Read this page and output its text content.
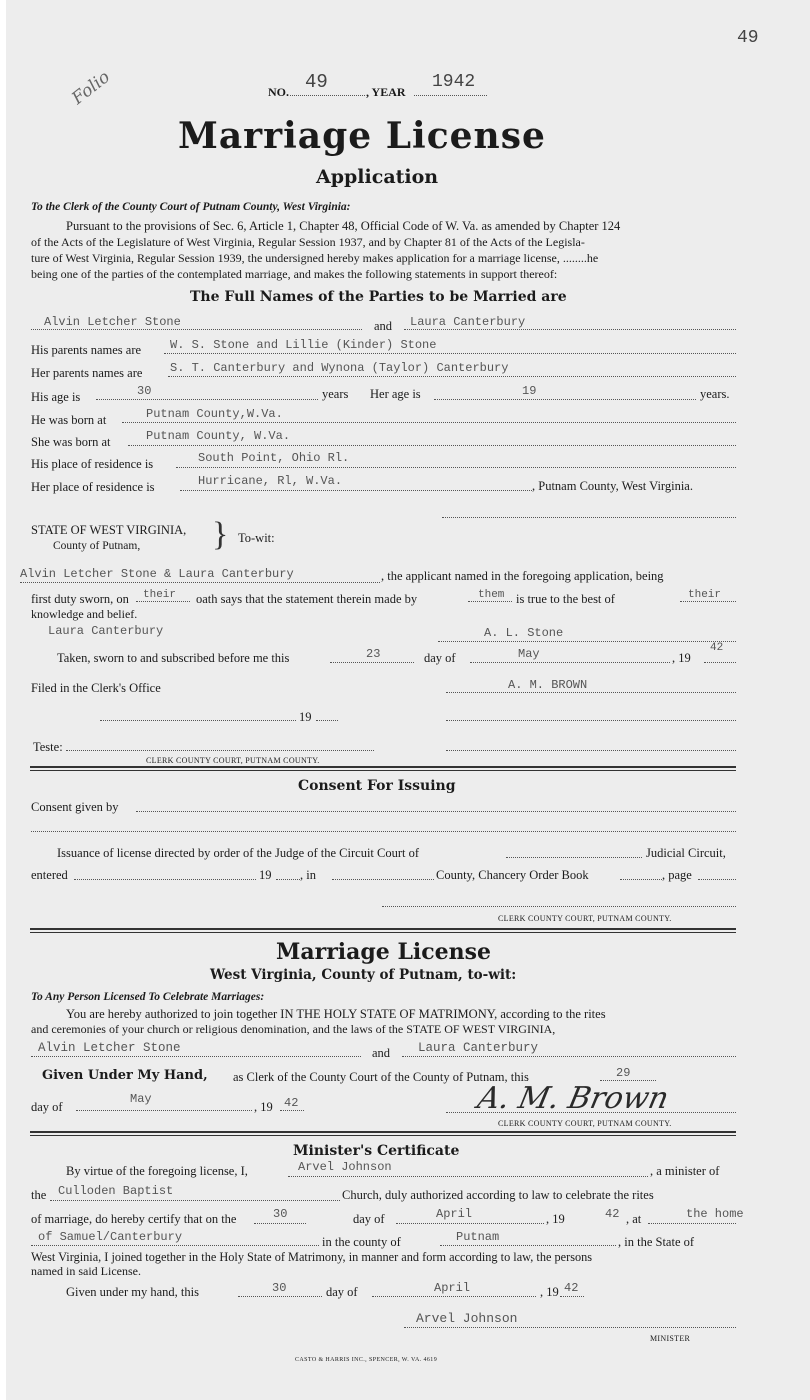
49
Folio	NO. 49	, YEAR 1942
Marriage License
Application
To the Clerk of the County Court of Putnam County, West Virginia:
Pursuant to the provisions of Sec. 6, Article 1, Chapter 48, Official Code of W. Va. as amended by Chapter 124
of the Acts of the Legislature of West Virginia, Regular Session 1937, and by Chapter 81 of the Acts of the Legisla-
ture of West Virginia, Regular Session 1939, the undersigned hereby makes application for a marriage license, ........he
being one of the parties of the contemplated marriage, and makes the following statements in support thereof:
The Full Names of the Parties to be Married are
Alvin Letcher Stone	and Laura Canterbury
His parents names are W. S. Stone and Lillie (Kinder) Stone
Her parents names are S. T. Canterbury and Wynona (Taylor) Canterbury
His age is	30	years Her age is	19	years.
He was born at	Putnam County,W.Va.
She was born at	Putnam County, W.Va.
His place of residence is	South Point, Ohio Rl.
Her place of residence is	Hurricane, Rl, W.Va.	, Putnam County, West Virginia.
STATE OF WEST VIRGINIA,
County of Putnam, } To-wit:
Alvin Letcher Stone & Laura Canterbury	, the applicant named in the foregoing application, being
first duty sworn, on their oath says that the statement therein made by	them is true to the best of	their
knowledge and belief.
Laura Canterbury	A. L. Stone
Taken, sworn to and subscribed before me this	23	day of	May	, 19
42
Filed in the Clerk's Office	A. M. BROWN
19
Teste:
CLERK COUNTY COURT, PUTNAM COUNTY.
Consent For Issuing
Consent given by
Issuance of license directed by order of the Judge of the Circuit Court of	Judicial Circuit,
entered	19 , in	County, Chancery Order Book	, page
CLERK COUNTY COURT, PUTNAM COUNTY.
Marriage License
West Virginia, County of Putnam, to-wit:
To Any Person Licensed To Celebrate Marriages:
You are hereby authorized to join together IN THE HOLY STATE OF MATRIMONY, according to the rites
and ceremonies of your church or religious denomination, and the laws of the STATE OF WEST VIRGINIA,
Alvin Letcher Stone	and Laura Canterbury
Given Under My Hand, as Clerk of the County Court of the County of Putnam, this	29
day of
May
, 19 42	A. M. Brown
CLERK COUNTY COURT, PUTNAM COUNTY.
Minister's Certificate
By virtue of the foregoing license, I,	Arvel Johnson	, a minister of
the Culloden Baptist	Church, duly authorized according to law to celebrate the rites
of marriage, do hereby certify that on the	30	day of	April	, 19	42 , at	the home
of Samuel/Canterbury	in the county of	Putnam	, in the State of
West Virginia, I joined together in the Holy State of Matrimony, in manner and form according to law, the persons
named in said License.
Given under my hand, this	30	day of	April	, 19 42
Arvel Johnson
MINISTER
CASTO & HARRIS INC., SPENCER, W. VA. 4619
